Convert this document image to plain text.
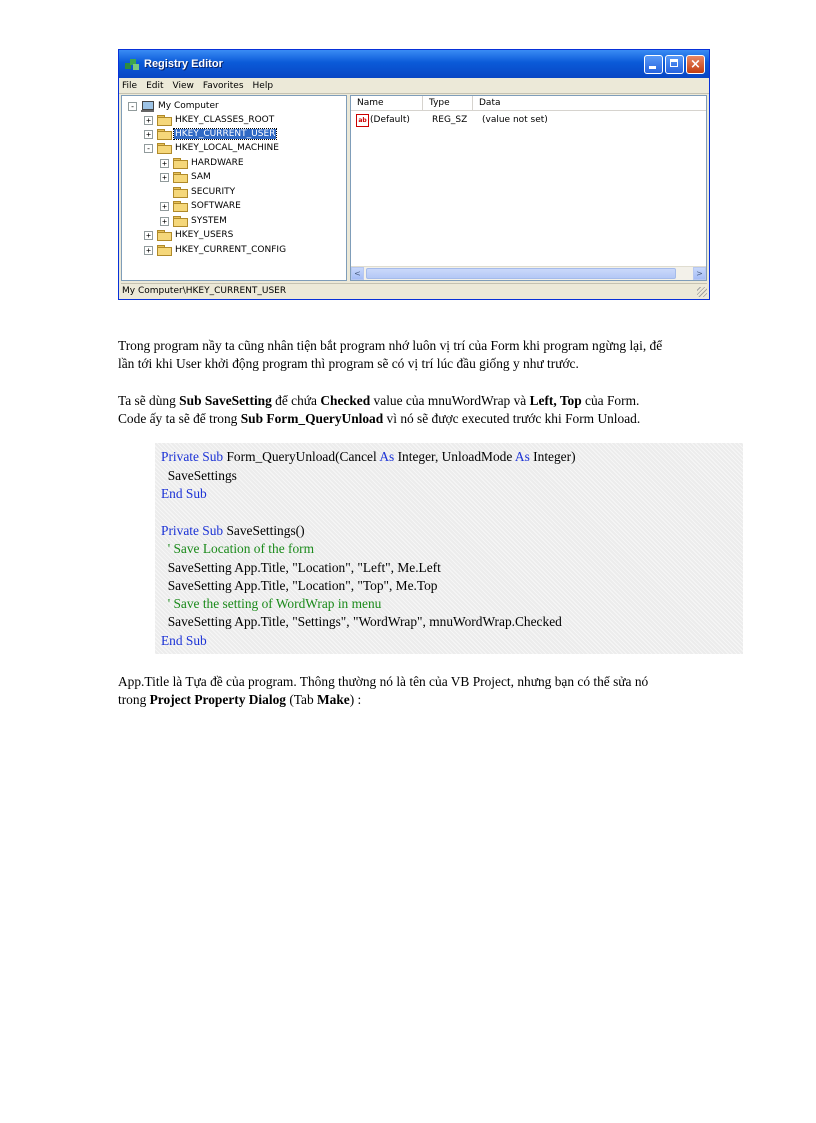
Registry Editor	×
File Edit View Favorites Help
-	My Computer
+	HKEY_CLASSES_ROOT
+	HKEY_CURRENT_USER
-	HKEY_LOCAL_MACHINE
+	HARDWARE
+	SAM
SECURITY
+	SOFTWARE
+	SYSTEM
+	HKEY_USERS
+	HKEY_CURRENT_CONFIG
Name	Type	Data
ab (Default)	REG_SZ	(value not set)
<	>
My Computer\HKEY_CURRENT_USER

Trong program nầy ta cũng nhân tiện bắt program nhớ luôn vị trí của Form khi program ngừng lại, để
lần tới khi User khởi động program thì program sẽ có vị trí lúc đầu giống y như trước.

Ta sẽ dùng Sub SaveSetting để chứa Checked value của mnuWordWrap và Left, Top của Form.
Code ấy ta sẽ để trong Sub Form_QueryUnload vì nó sẽ được executed trước khi Form Unload.

Private Sub Form_QueryUnload(Cancel As Integer, UnloadMode As Integer)
SaveSettings
End Sub
Private Sub SaveSettings()
' Save Location of the form
SaveSetting App.Title, "Location", "Left", Me.Left
SaveSetting App.Title, "Location", "Top", Me.Top
' Save the setting of WordWrap in menu
SaveSetting App.Title, "Settings", "WordWrap", mnuWordWrap.Checked
End Sub

App.Title là Tựa đề của program. Thông thường nó là tên của VB Project, nhưng bạn có thể sửa nó
trong Project Property Dialog (Tab Make) :
